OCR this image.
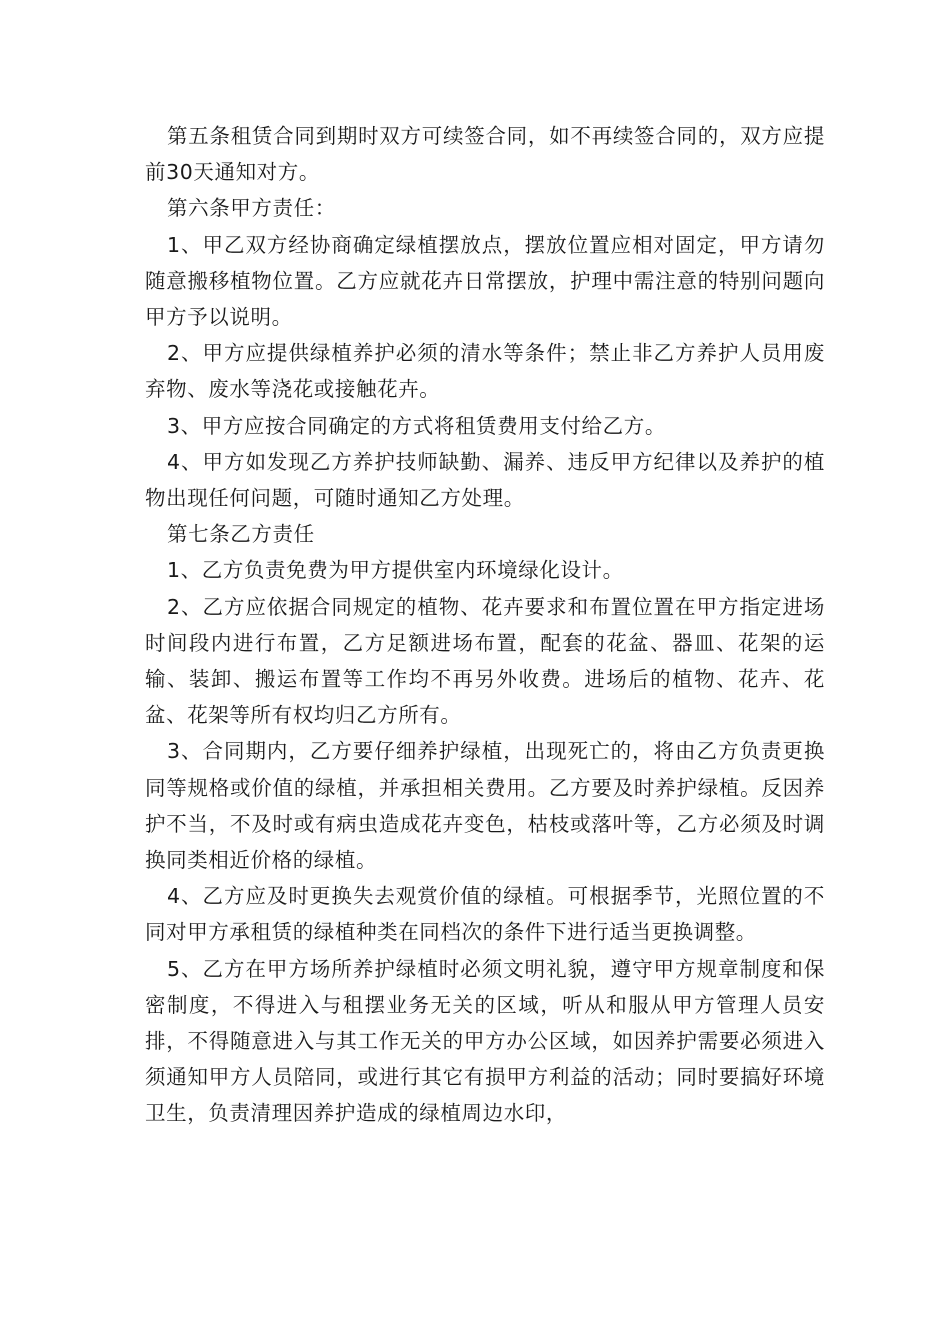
第五条租赁合同到期时双方可续签合同，如不再续签合同的，双方应提前30天通知对方。

第六条甲方责任：

1、甲乙双方经协商确定绿植摆放点，摆放位置应相对固定，甲方请勿随意搬移植物位置。乙方应就花卉日常摆放，护理中需注意的特别问题向甲方予以说明。

2、甲方应提供绿植养护必须的清水等条件；禁止非乙方养护人员用废弃物、废水等浇花或接触花卉。

3、甲方应按合同确定的方式将租赁费用支付给乙方。

4、甲方如发现乙方养护技师缺勤、漏养、违反甲方纪律以及养护的植物出现任何问题，可随时通知乙方处理。

第七条乙方责任

1、乙方负责免费为甲方提供室内环境绿化设计。

2、乙方应依据合同规定的植物、花卉要求和布置位置在甲方指定进场时间段内进行布置，乙方足额进场布置，配套的花盆、器皿、花架的运输、装卸、搬运布置等工作均不再另外收费。进场后的植物、花卉、花盆、花架等所有权均归乙方所有。

3、合同期内，乙方要仔细养护绿植，出现死亡的，将由乙方负责更换同等规格或价值的绿植，并承担相关费用。乙方要及时养护绿植。反因养护不当，不及时或有病虫造成花卉变色，枯枝或落叶等，乙方必须及时调换同类相近价格的绿植。

4、乙方应及时更换失去观赏价值的绿植。可根据季节，光照位置的不同对甲方承租赁的绿植种类在同档次的条件下进行适当更换调整。

5、乙方在甲方场所养护绿植时必须文明礼貌，遵守甲方规章制度和保密制度，不得进入与租摆业务无关的区域，听从和服从甲方管理人员安排，不得随意进入与其工作无关的甲方办公区域，如因养护需要必须进入须通知甲方人员陪同，或进行其它有损甲方利益的活动；同时要搞好环境卫生，负责清理因养护造成的绿植周边水印，
